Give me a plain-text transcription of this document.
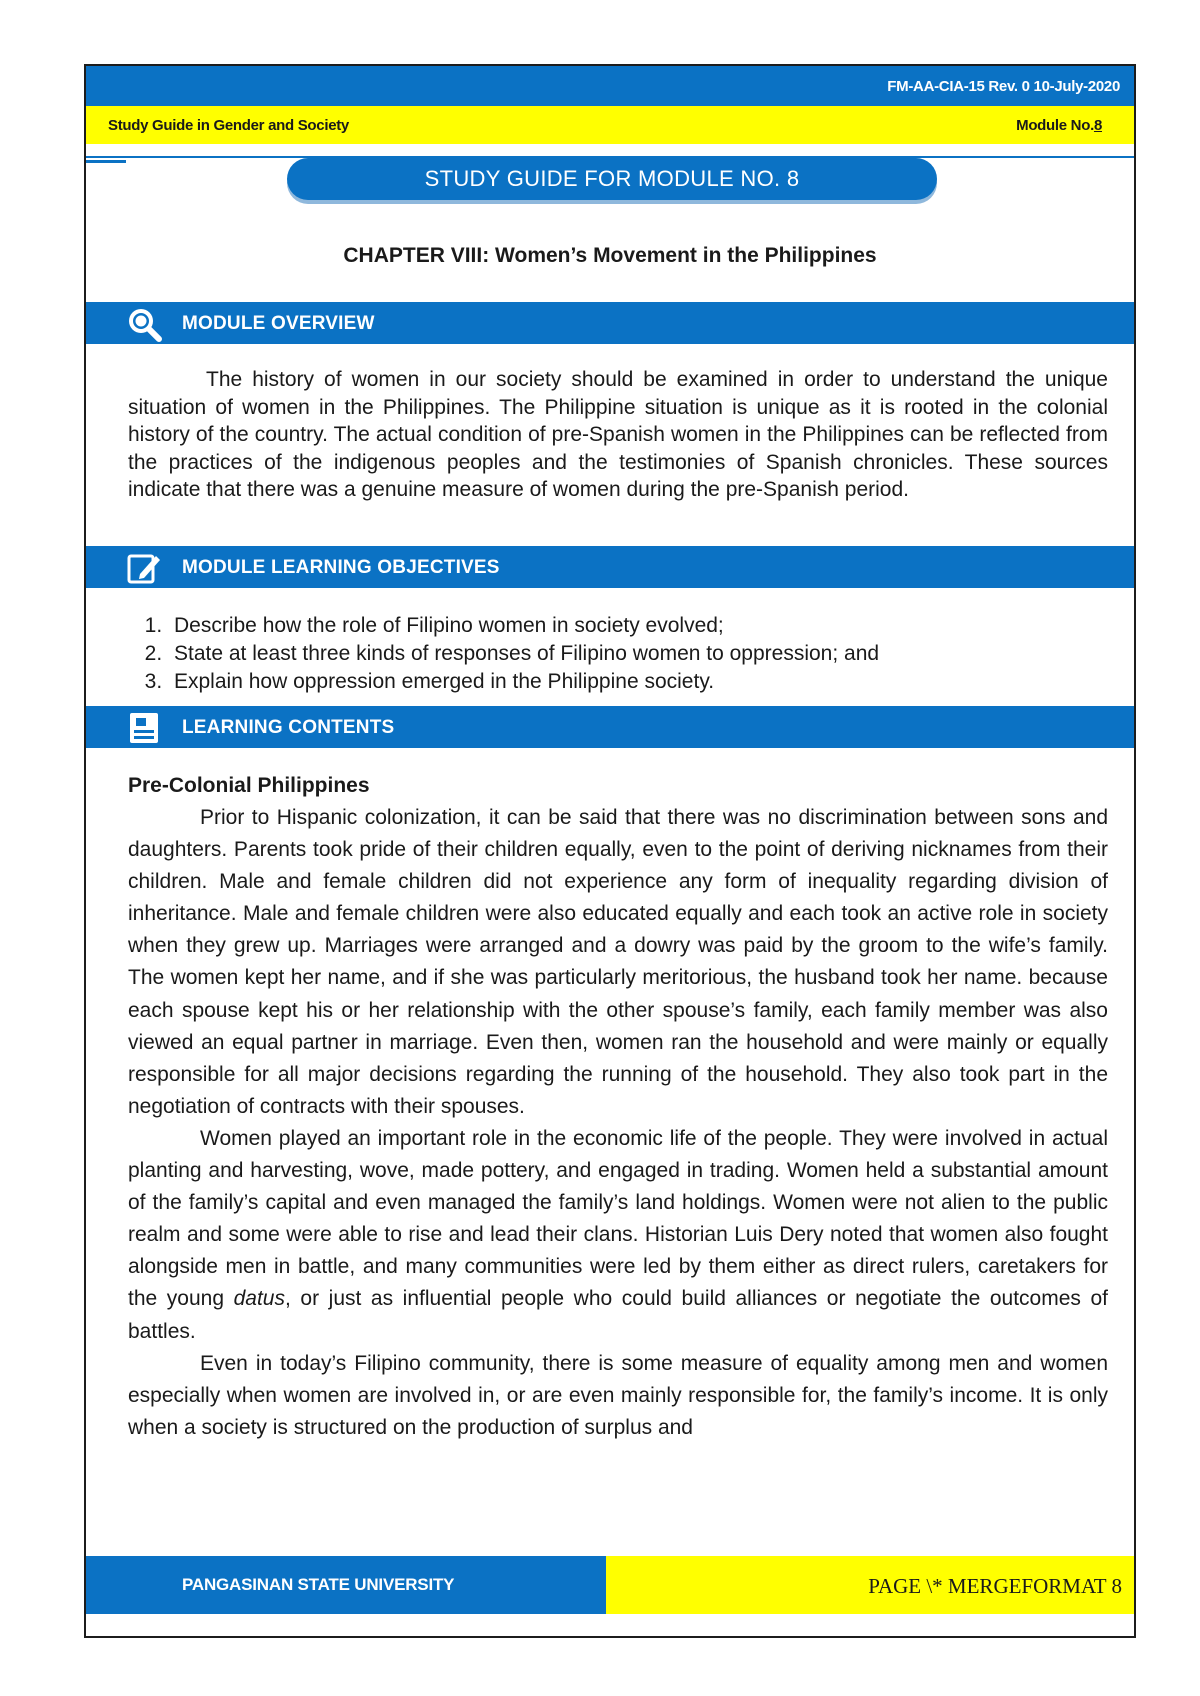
FM-AA-CIA-15 Rev. 0 10-July-2020
Study Guide in Gender and Society	Module No.8
STUDY GUIDE FOR MODULE NO. 8
CHAPTER VIII: Women’s Movement in the Philippines
MODULE OVERVIEW

The history of women in our society should be examined in order to understand the unique situation of women in the Philippines. The Philippine situation is unique as it is rooted in the colonial history of the country. The actual condition of pre-Spanish women in the Philippines can be reflected from the practices of the indigenous peoples and the testimonies of Spanish chronicles. These sources indicate that there was a genuine measure of women during the pre-Spanish period.

MODULE LEARNING OBJECTIVES
1. Describe how the role of Filipino women in society evolved;
2. State at least three kinds of responses of Filipino women to oppression; and
3. Explain how oppression emerged in the Philippine society.
LEARNING CONTENTS
Pre-Colonial Philippines

Prior to Hispanic colonization, it can be said that there was no discrimination between sons and daughters. Parents took pride of their children equally, even to the point of deriving nicknames from their children. Male and female children did not experience any form of inequality regarding division of inheritance. Male and female children were also educated equally and each took an active role in society when they grew up. Marriages were arranged and a dowry was paid by the groom to the wife’s family. The women kept her name, and if she was particularly meritorious, the husband took her name. because each spouse kept his or her relationship with the other spouse’s family, each family member was also viewed an equal partner in marriage. Even then, women ran the household and were mainly or equally responsible for all major decisions regarding the running of the household. They also took part in the negotiation of contracts with their spouses.

Women played an important role in the economic life of the people. They were involved in actual planting and harvesting, wove, made pottery, and engaged in trading. Women held a substantial amount of the family’s capital and even managed the family’s land holdings. Women were not alien to the public realm and some were able to rise and lead their clans. Historian Luis Dery noted that women also fought alongside men in battle, and many communities were led by them either as direct rulers, caretakers for the young datus, or just as influential people who could build alliances or negotiate the outcomes of battles.

Even in today’s Filipino community, there is some measure of equality among men and women especially when women are involved in, or are even mainly responsible for, the family’s income. It is only when a society is structured on the production of surplus and

PANGASINAN STATE UNIVERSITY	PAGE \* MERGEFORMAT 8
